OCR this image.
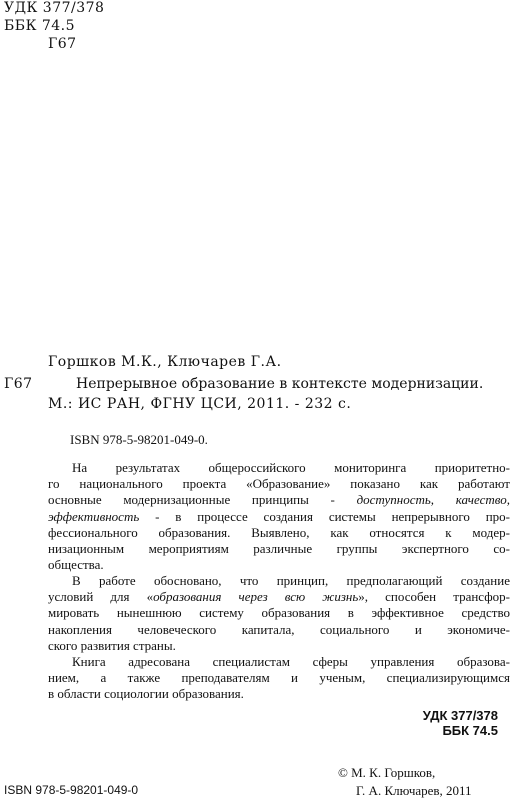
УДК 377/378
ББК 74.5
Г67
Горшков М.К., Ключарев Г.А.
Г67	Непрерывное образование в контексте модернизации.
М.: ИС РАН, ФГНУ ЦСИ, 2011. - 232 с.
ISBN 978-5-98201-049-0.
На результатах общероссийского мониторинга приоритетно-
го национального проекта «Образование» показано как работают
основные модернизационные принципы - доступность, качество,
эффективность - в процессе создания системы непрерывного про-
фессионального образования. Выявлено, как относятся к модер-
низационным мероприятиям различные группы экспертного со-
общества.
В работе обосновано, что принцип, предполагающий создание
условий для «образования через всю жизнь», способен трансфор-
мировать нынешнюю систему образования в эффективное средство
накопления человеческого капитала, социального и экономиче-
ского развития страны.
Книга адресована специалистам сферы управления образова-
нием, а также преподавателям и ученым, специализирующимся
в области социологии образования.
УДК 377/378
ББК 74.5
ISBN 978-5-98201-049-0
© М. К. Горшков,
Г. А. Ключарев, 2011
